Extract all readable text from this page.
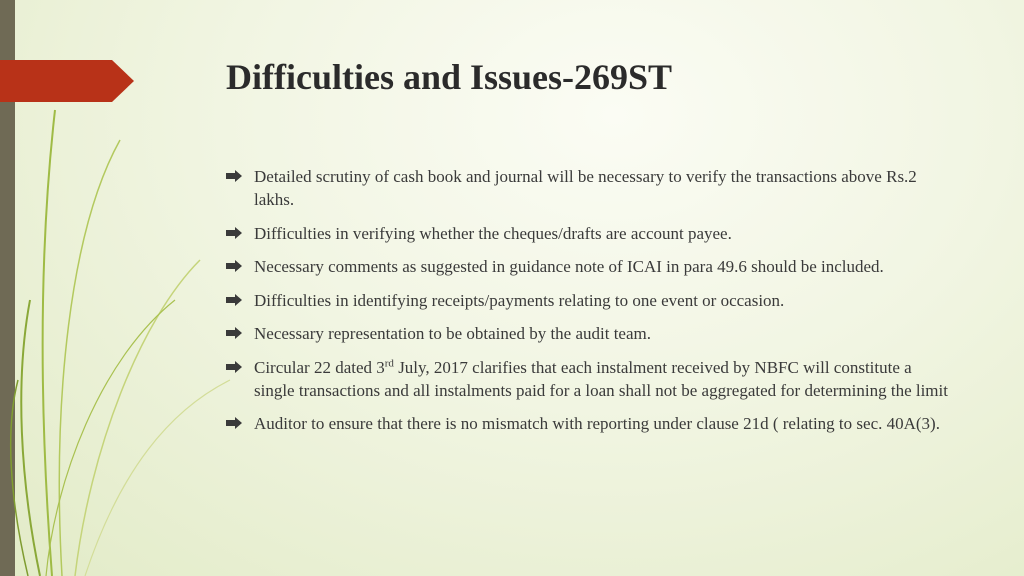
Difficulties and Issues-269ST
Detailed scrutiny of cash book and journal will be necessary to verify the transactions above Rs.2 lakhs.
Difficulties in verifying whether the cheques/drafts are account payee.
Necessary comments as suggested in guidance note of ICAI in para 49.6 should be included.
Difficulties in identifying receipts/payments relating to one event or occasion.
Necessary representation to be obtained by the audit team.
Circular 22 dated 3rd July, 2017 clarifies that each instalment received by NBFC will constitute a single transactions and all instalments paid for a loan shall not be aggregated for determining the limit
Auditor to ensure that there is no mismatch with reporting under clause 21d ( relating to sec. 40A(3).
